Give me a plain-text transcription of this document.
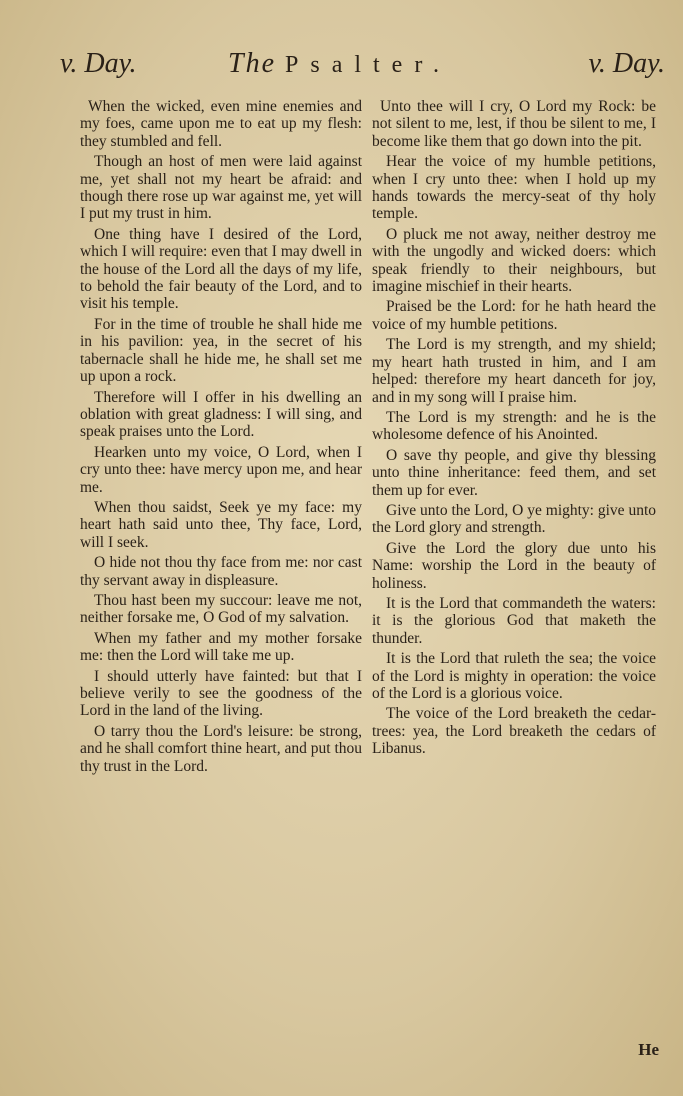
v. Day.	The Psalter.	v. Day.

When the wicked, even mine enemies and my foes, came upon me to eat up my flesh: they stumbled and fell.

Though an host of men were laid against me, yet shall not my heart be afraid: and though there rose up war against me, yet will I put my trust in him.

One thing have I desired of the Lord, which I will require: even that I may dwell in the house of the Lord all the days of my life, to behold the fair beauty of the Lord, and to visit his temple.

For in the time of trouble he shall hide me in his pavilion: yea, in the secret of his tabernacle shall he hide me, he shall set me up upon a rock.

Therefore will I offer in his dwelling an oblation with great gladness: I will sing, and speak praises unto the Lord.

Hearken unto my voice, O Lord, when I cry unto thee: have mercy upon me, and hear me.

When thou saidst, Seek ye my face: my heart hath said unto thee, Thy face, Lord, will I seek.

O hide not thou thy face from me: nor cast thy servant away in displeasure.

Thou hast been my succour: leave me not, neither forsake me, O God of my salvation.

When my father and my mother forsake me: then the Lord will take me up.

I should utterly have fainted: but that I believe verily to see the goodness of the Lord in the land of the living.

O tarry thou the Lord's leisure: be strong, and he shall comfort thine heart, and put thou thy trust in the Lord.

Unto thee will I cry, O Lord my Rock: be not silent to me, lest, if thou be silent to me, I become like them that go down into the pit.

Hear the voice of my humble petitions, when I cry unto thee: when I hold up my hands towards the mercy-seat of thy holy temple.

O pluck me not away, neither destroy me with the ungodly and wicked doers: which speak friendly to their neighbours, but imagine mischief in their hearts.

Praised be the Lord: for he hath heard the voice of my humble petitions.

The Lord is my strength, and my shield; my heart hath trusted in him, and I am helped: therefore my heart danceth for joy, and in my song will I praise him.

The Lord is my strength: and he is the wholesome defence of his Anointed.

O save thy people, and give thy blessing unto thine inheritance: feed them, and set them up for ever.

Give unto the Lord, O ye mighty: give unto the Lord glory and strength.

Give the Lord the glory due unto his Name: worship the Lord in the beauty of holiness.

It is the Lord that commandeth the waters: it is the glorious God that maketh the thunder.

It is the Lord that ruleth the sea; the voice of the Lord is mighty in operation: the voice of the Lord is a glorious voice.

The voice of the Lord breaketh the cedar-trees: yea, the Lord breaketh the cedars of Libanus.

He
